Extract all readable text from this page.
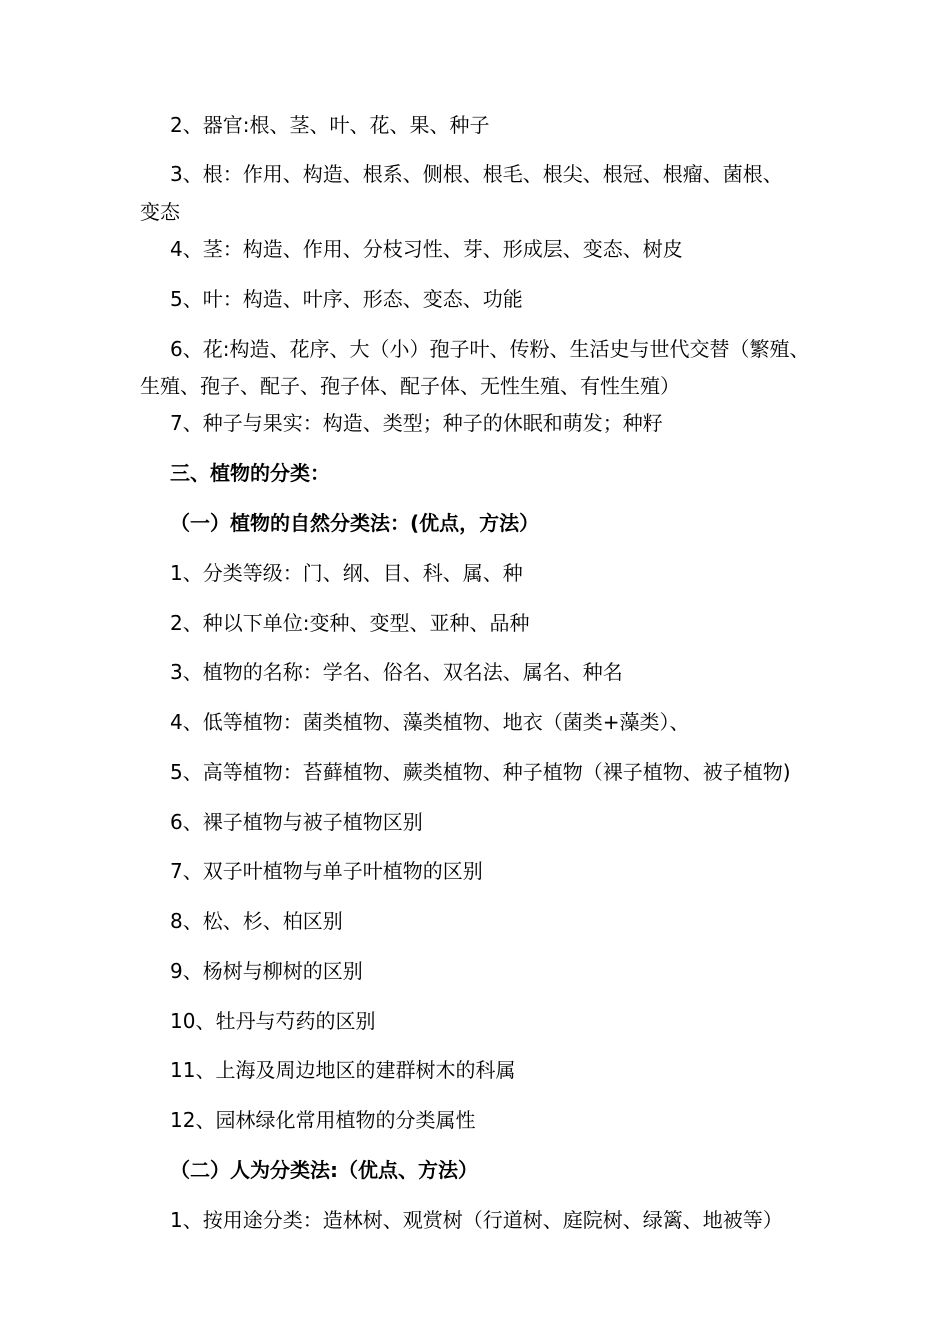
2、器官:根、茎、叶、花、果、种子
3、根：作用、构造、根系、侧根、根毛、根尖、根冠、根瘤、菌根、
变态
4、茎：构造、作用、分枝习性、芽、形成层、变态、树皮
5、叶：构造、叶序、形态、变态、功能
6、花:构造、花序、大（小）孢子叶、传粉、生活史与世代交替（繁殖、
生殖、孢子、配子、孢子体、配子体、无性生殖、有性生殖）
7、种子与果实：构造、类型；种子的休眠和萌发；种籽
三、植物的分类：
（一）植物的自然分类法：(优点，方法）
1、分类等级：门、纲、目、科、属、种
2、种以下单位:变种、变型、亚种、品种
3、植物的名称：学名、俗名、双名法、属名、种名
4、低等植物：菌类植物、藻类植物、地衣（菌类+藻类）、
5、高等植物：苔藓植物、蕨类植物、种子植物（裸子植物、被子植物)
6、裸子植物与被子植物区别
7、双子叶植物与单子叶植物的区别
8、松、杉、柏区别
9、杨树与柳树的区别
10、牡丹与芍药的区别
11、上海及周边地区的建群树木的科属
12、园林绿化常用植物的分类属性
（二）人为分类法:（优点、方法）
1、按用途分类：造林树、观赏树（行道树、庭院树、绿篱、地被等）
